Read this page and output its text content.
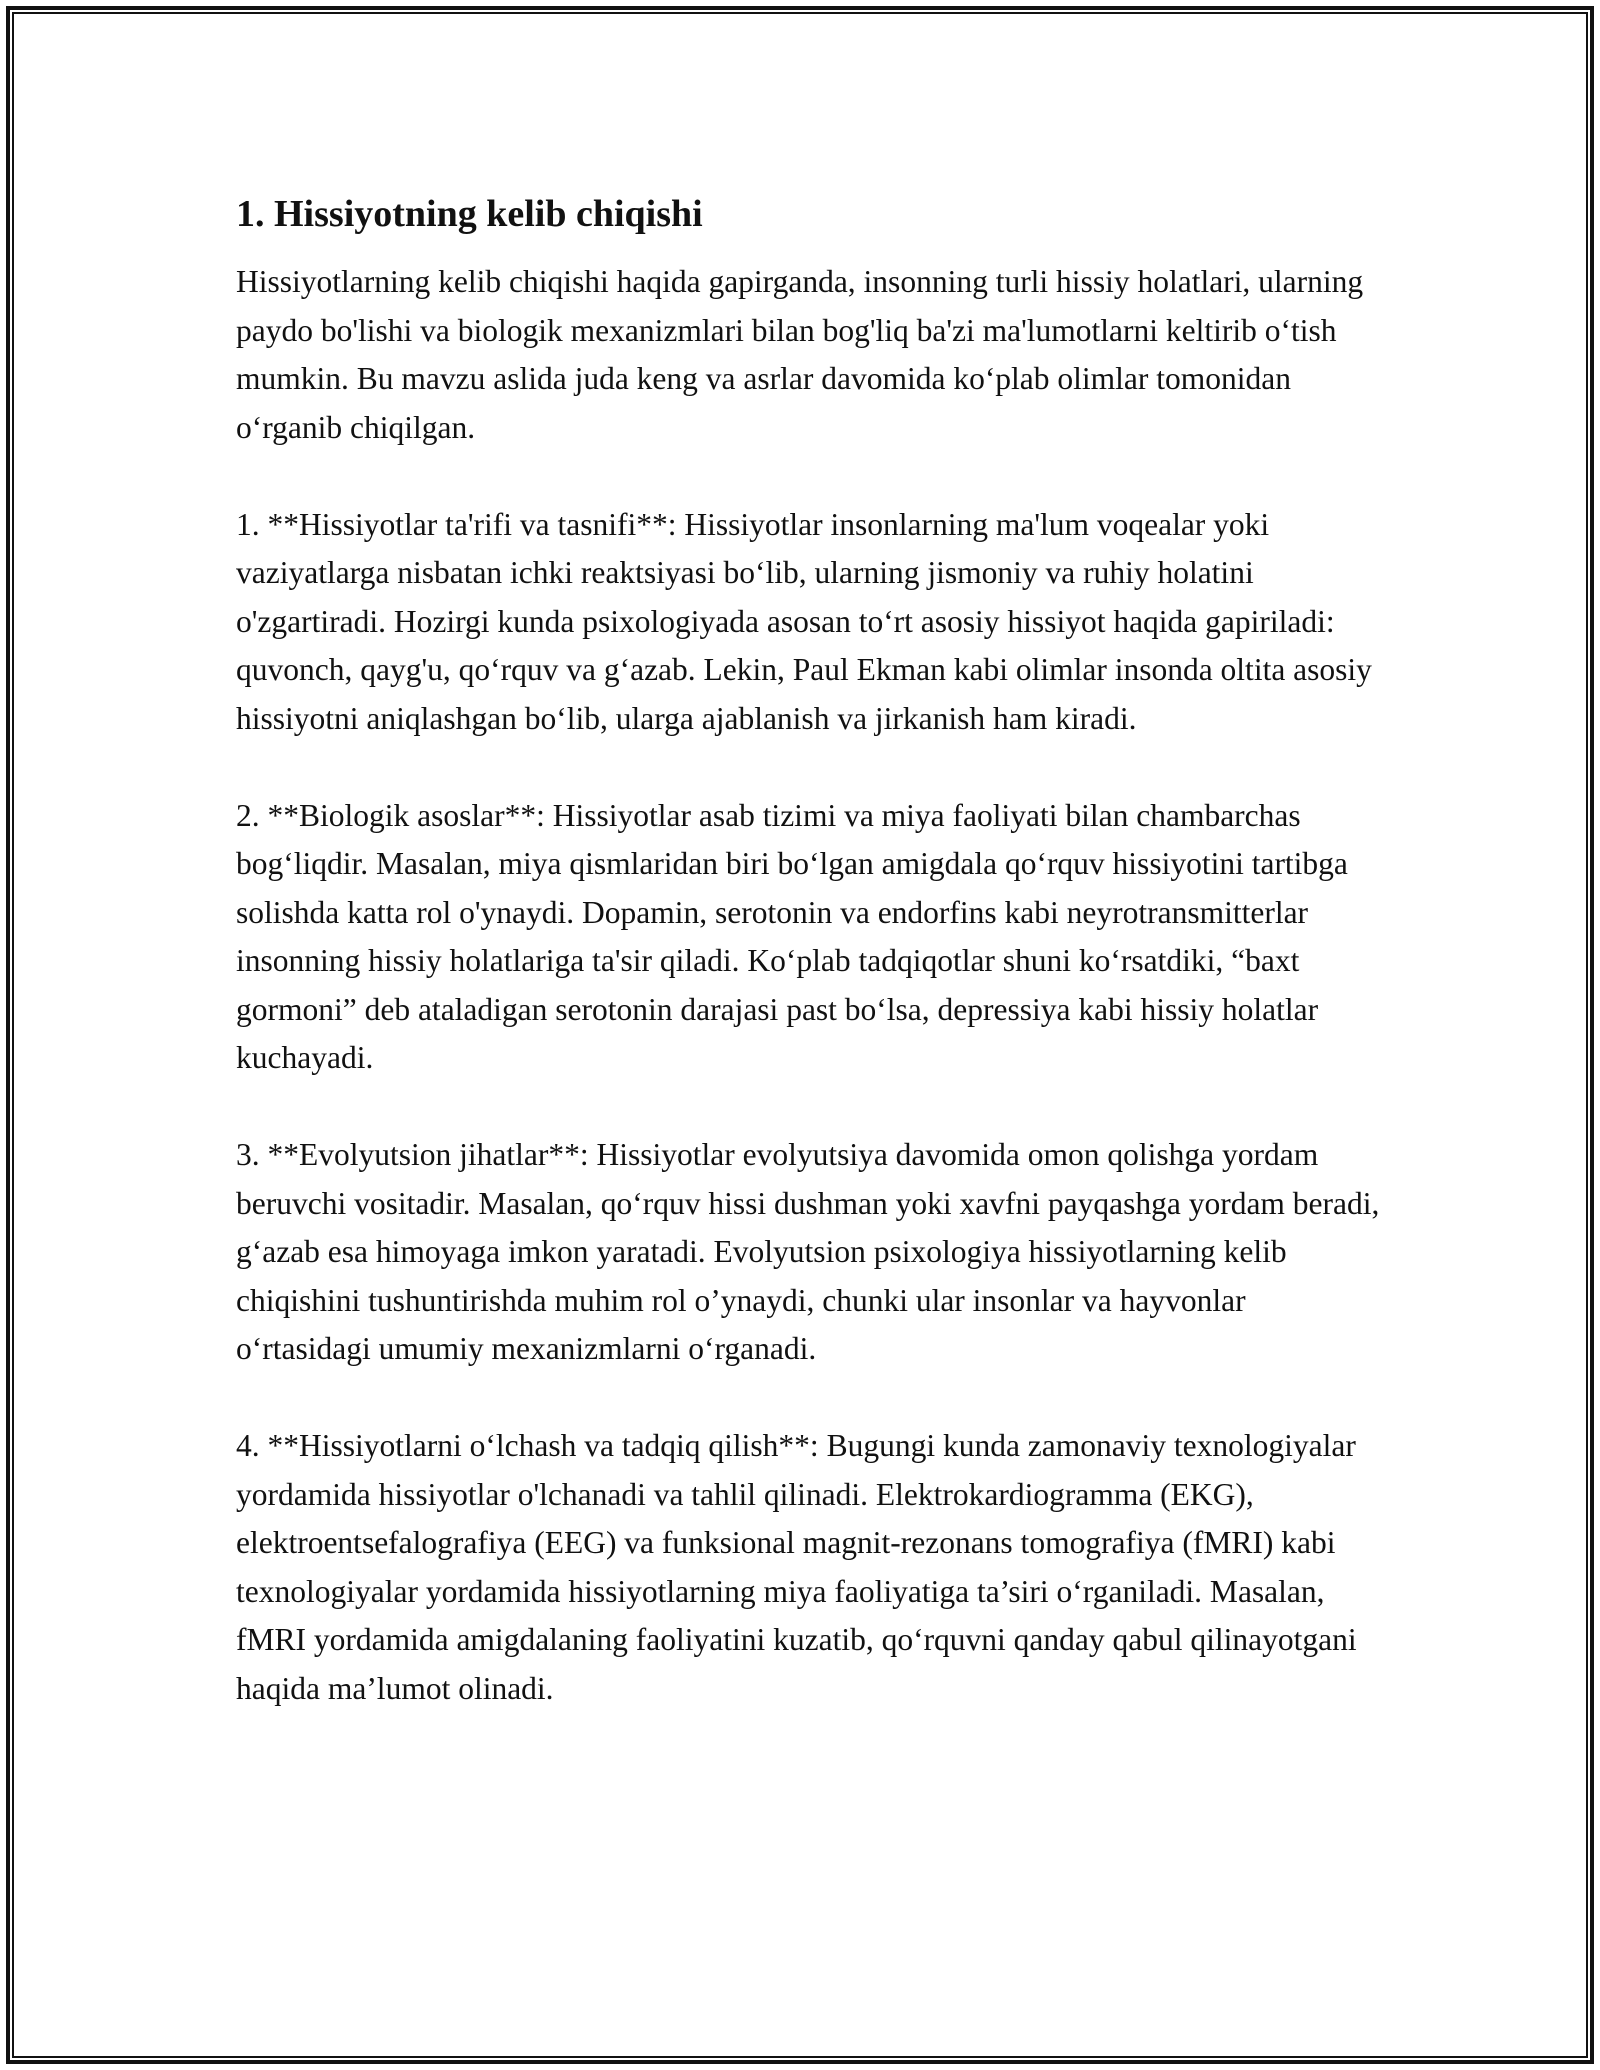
1. Hissiyotning kelib chiqishi

Hissiyotlarning kelib chiqishi haqida gapirganda, insonning turli hissiy holatlari, ularning paydo bo'lishi va biologik mexanizmlari bilan bog'liq ba'zi ma'lumotlarni keltirib o‘tish mumkin. Bu mavzu aslida juda keng va asrlar davomida ko‘plab olimlar tomonidan o‘rganib chiqilgan.

1. **Hissiyotlar ta'rifi va tasnifi**: Hissiyotlar insonlarning ma'lum voqealar yoki vaziyatlarga nisbatan ichki reaktsiyasi bo‘lib, ularning jismoniy va ruhiy holatini o'zgartiradi. Hozirgi kunda psixologiyada asosan to‘rt asosiy hissiyot haqida gapiriladi: quvonch, qayg'u, qo‘rquv va g‘azab. Lekin, Paul Ekman kabi olimlar insonda oltita asosiy hissiyotni aniqlashgan bo‘lib, ularga ajablanish va jirkanish ham kiradi.

2. **Biologik asoslar**: Hissiyotlar asab tizimi va miya faoliyati bilan chambarchas bog‘liqdir. Masalan, miya qismlaridan biri bo‘lgan amigdala qo‘rquv hissiyotini tartibga solishda katta rol o'ynaydi. Dopamin, serotonin va endorfins kabi neyrotransmitterlar insonning hissiy holatlariga ta'sir qiladi. Ko‘plab tadqiqotlar shuni ko‘rsatdiki, “baxt gormoni” deb ataladigan serotonin darajasi past bo‘lsa, depressiya kabi hissiy holatlar kuchayadi.

3. **Evolyutsion jihatlar**: Hissiyotlar evolyutsiya davomida omon qolishga yordam beruvchi vositadir. Masalan, qo‘rquv hissi dushman yoki xavfni payqashga yordam beradi, g‘azab esa himoyaga imkon yaratadi. Evolyutsion psixologiya hissiyotlarning kelib chiqishini tushuntirishda muhim rol o’ynaydi, chunki ular insonlar va hayvonlar o‘rtasidagi umumiy mexanizmlarni o‘rganadi.

4. **Hissiyotlarni o‘lchash va tadqiq qilish**: Bugungi kunda zamonaviy texnologiyalar yordamida hissiyotlar o'lchanadi va tahlil qilinadi. Elektrokardiogramma (EKG), elektroentsefalografiya (EEG) va funksional magnit-rezonans tomografiya (fMRI) kabi texnologiyalar yordamida hissiyotlarning miya faoliyatiga ta’siri o‘rganiladi. Masalan, fMRI yordamida amigdalaning faoliyatini kuzatib, qo‘rquvni qanday qabul qilinayotgani haqida ma’lumot olinadi.
